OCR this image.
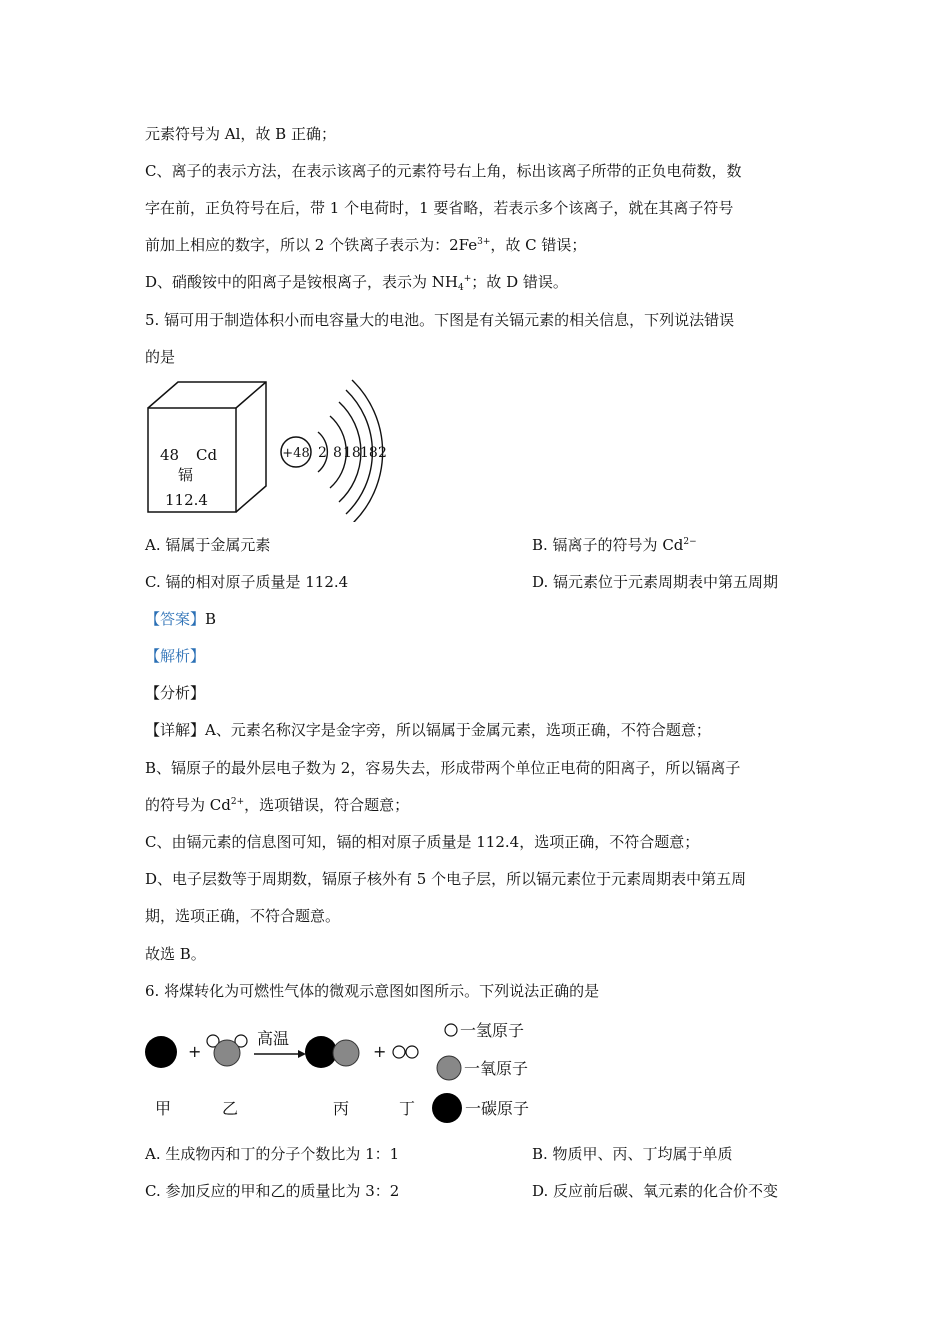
元素符号为 Al，故 B 正确；
C、离子的表示方法，在表示该离子的元素符号右上角，标出该离子所带的正负电荷数，数
字在前，正负符号在后，带 1 个电荷时，1 要省略，若表示多个该离子，就在其离子符号
前加上相应的数字，所以 2 个铁离子表示为：$2Fe^{3+}$，故 C 错误；
D、硝酸铵中的阳离子是铵根离子，表示为 $NH_4^+$；故 D 错误。
5. 镉可用于制造体积小而电容量大的电池。下图是有关镉元素的相关信息，下列说法错误
的是
48 Cd
镉
112.4
+48 2 8 18 18 2
A. 镉属于金属元素	B. 镉离子的符号为 $Cd^{2-}$
C. 镉的相对原子质量是 112.4	D. 镉元素位于元素周期表中第五周期
【答案】B
【解析】
【分析】
【详解】A、元素名称汉字是金字旁，所以镉属于金属元素，选项正确，不符合题意；
B、镉原子的最外层电子数为 2，容易失去，形成带两个单位正电荷的阳离子，所以镉离子
的符号为 $Cd^{2+}$，选项错误，符合题意；
C、由镉元素的信息图可知，镉的相对原子质量是 112.4，选项正确，不符合题意；
D、电子层数等于周期数，镉原子核外有 5 个电子层，所以镉元素位于元素周期表中第五周
期，选项正确，不符合题意。
故选 B。
6. 将煤转化为可燃性气体的微观示意图如图所示。下列说法正确的是
+
高温
+
甲	乙	丙	丁
一氢原子
一氧原子
一碳原子
A. 生成物丙和丁的分子个数比为 1：1	B. 物质甲、丙、丁均属于单质
C. 参加反应的甲和乙的质量比为 3：2	D. 反应前后碳、氧元素的化合价不变
